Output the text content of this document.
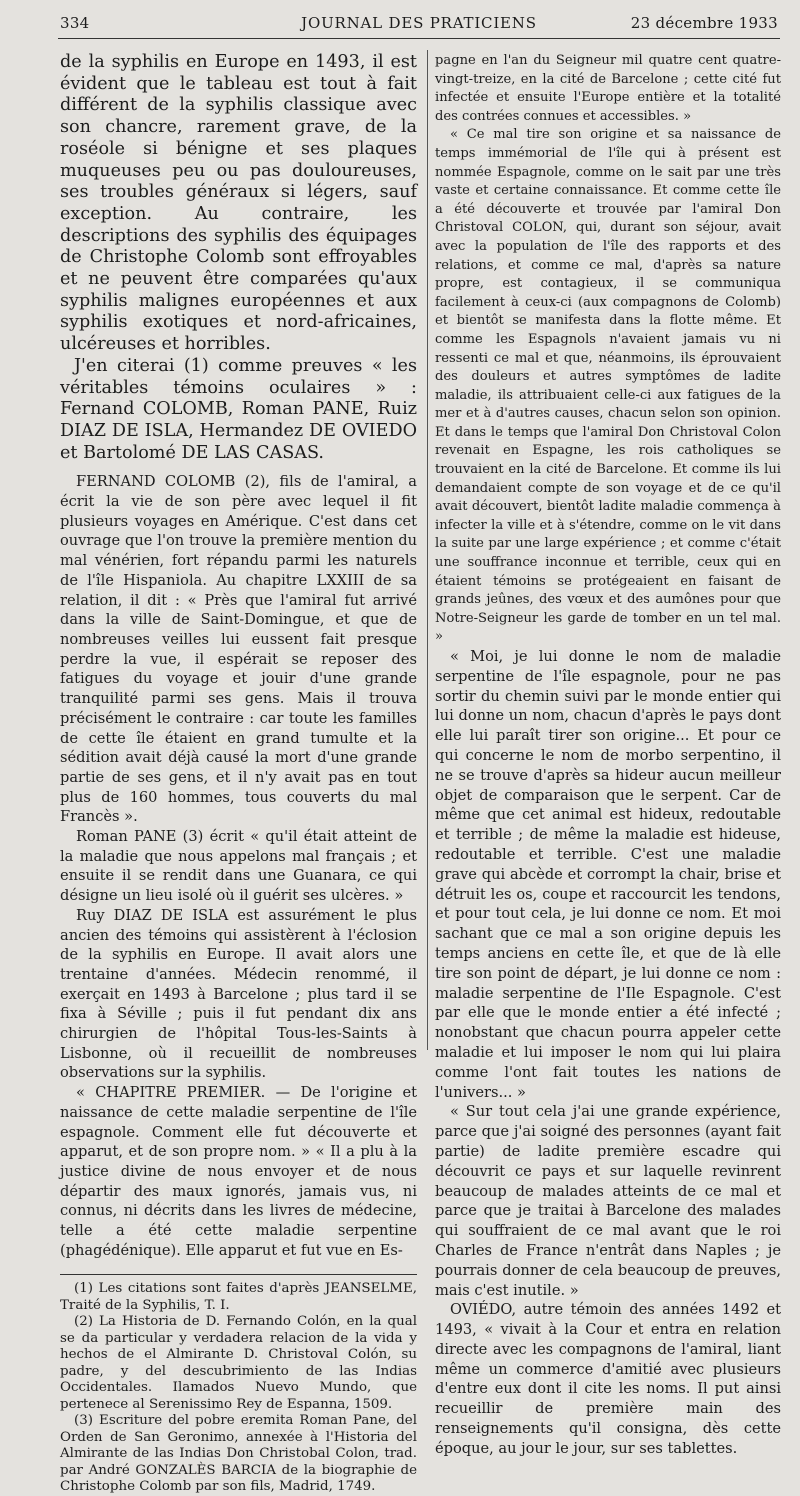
334	JOURNAL DES PRATICIENS	23 décembre 1933

de la syphilis en Europe en 1493, il est évident que le tableau est tout à fait différent de la syphilis classique avec son chancre, rarement grave, de la roséole si bénigne et ses plaques muqueuses peu ou pas douloureuses, ses troubles généraux si légers, sauf exception. Au contraire, les descriptions des syphilis des équipages de Christophe Colomb sont effroyables et ne peuvent être comparées qu'aux syphilis malignes européennes et aux syphilis exotiques et nord-africaines, ulcéreuses et horribles.

J'en citerai (1) comme preuves « les véritables témoins oculaires » : Fernand COLOMB, Roman PANE, Ruiz DIAZ DE ISLA, Hermandez DE OVIEDO et Bartolomé DE LAS CASAS.

FERNAND COLOMB (2), fils de l'amiral, a écrit la vie de son père avec lequel il fit plusieurs voyages en Amérique. C'est dans cet ouvrage que l'on trouve la première mention du mal vénérien, fort répandu parmi les naturels de l'île Hispaniola. Au chapitre LXXIII de sa relation, il dit : « Près que l'amiral fut arrivé dans la ville de Saint-Domingue, et que de nombreuses veilles lui eussent fait presque perdre la vue, il espérait se reposer des fatigues du voyage et jouir d'une grande tranquilité parmi ses gens. Mais il trouva précisément le contraire : car toute les familles de cette île étaient en grand tumulte et la sédition avait déjà causé la mort d'une grande partie de ses gens, et il n'y avait pas en tout plus de 160 hommes, tous couverts du mal Francès ».

Roman PANE (3) écrit « qu'il était atteint de la maladie que nous appelons mal français ; et ensuite il se rendit dans une Guanara, ce qui désigne un lieu isolé où il guérit ses ulcères. »

Ruy DIAZ DE ISLA est assurément le plus ancien des témoins qui assistèrent à l'éclosion de la syphilis en Europe. Il avait alors une trentaine d'années. Médecin renommé, il exerçait en 1493 à Barcelone ; plus tard il se fixa à Séville ; puis il fut pendant dix ans chirurgien de l'hôpital Tous-les-Saints à Lisbonne, où il recueillit de nombreuses observations sur la syphilis.

« CHAPITRE PREMIER. — De l'origine et naissance de cette maladie serpentine de l'île espagnole. Comment elle fut découverte et apparut, et de son propre nom. » « Il a plu à la justice divine de nous envoyer et de nous départir des maux ignorés, jamais vus, ni connus, ni décrits dans les livres de médecine, telle a été cette maladie serpentine (phagédénique). Elle apparut et fut vue en Es-

(1) Les citations sont faites d'après JEANSELME, Traité de la Syphilis, T. I.

(2) La Historia de D. Fernando Colón, en la qual se da particular y verdadera relacion de la vida y hechos de el Almirante D. Christoval Colón, su padre, y del descubrimiento de las Indias Occidentales. Ilamados Nuevo Mundo, que pertenece al Serenissimo Rey de Espanna, 1509.

(3) Escriture del pobre eremita Roman Pane, del Orden de San Geronimo, annexée à l'Historia del Almirante de las Indias Don Christobal Colon, trad. par André GONZALÈS BARCIA de la biographie de Christophe Colomb par son fils, Madrid, 1749.

pagne en l'an du Seigneur mil quatre cent quatre-vingt-treize, en la cité de Barcelone ; cette cité fut infectée et ensuite l'Europe entière et la totalité des contrées connues et accessibles. »

« Ce mal tire son origine et sa naissance de temps immémorial de l'île qui à présent est nommée Espagnole, comme on le sait par une très vaste et certaine connaissance. Et comme cette île a été découverte et trouvée par l'amiral Don Christoval COLON, qui, durant son séjour, avait avec la population de l'île des rapports et des relations, et comme ce mal, d'après sa nature propre, est contagieux, il se communiqua facilement à ceux-ci (aux compagnons de Colomb) et bientôt se manifesta dans la flotte même. Et comme les Espagnols n'avaient jamais vu ni ressenti ce mal et que, néanmoins, ils éprouvaient des douleurs et autres symptômes de ladite maladie, ils attribuaient celle-ci aux fatigues de la mer et à d'autres causes, chacun selon son opinion. Et dans le temps que l'amiral Don Christoval Colon revenait en Espagne, les rois catholiques se trouvaient en la cité de Barcelone. Et comme ils lui demandaient compte de son voyage et de ce qu'il avait découvert, bientôt ladite maladie commença à infecter la ville et à s'étendre, comme on le vit dans la suite par une large expérience ; et comme c'était une souffrance inconnue et terrible, ceux qui en étaient témoins se protégeaient en faisant de grands jeûnes, des vœux et des aumônes pour que Notre-Seigneur les garde de tomber en un tel mal. »

« Moi, je lui donne le nom de maladie serpentine de l'île espagnole, pour ne pas sortir du chemin suivi par le monde entier qui lui donne un nom, chacun d'après le pays dont elle lui paraît tirer son origine... Et pour ce qui concerne le nom de morbo serpentino, il ne se trouve d'après sa hideur aucun meilleur objet de comparaison que le serpent. Car de même que cet animal est hideux, redoutable et terrible ; de même la maladie est hideuse, redoutable et terrible. C'est une maladie grave qui abcède et corrompt la chair, brise et détruit les os, coupe et raccourcit les tendons, et pour tout cela, je lui donne ce nom. Et moi sachant que ce mal a son origine depuis les temps anciens en cette île, et que de là elle tire son point de départ, je lui donne ce nom : maladie serpentine de l'Ile Espagnole. C'est par elle que le monde entier a été infecté ; nonobstant que chacun pourra appeler cette maladie et lui imposer le nom qui lui plaira comme l'ont fait toutes les nations de l'univers... »

« Sur tout cela j'ai une grande expérience, parce que j'ai soigné des personnes (ayant fait partie) de ladite première escadre qui découvrit ce pays et sur laquelle revinrent beaucoup de malades atteints de ce mal et parce que je traitai à Barcelone des malades qui souffraient de ce mal avant que le roi Charles de France n'entrât dans Naples ; je pourrais donner de cela beaucoup de preuves, mais c'est inutile. »

OVIÉDO, autre témoin des années 1492 et 1493, « vivait à la Cour et entra en relation directe avec les compagnons de l'amiral, liant même un commerce d'amitié avec plusieurs d'entre eux dont il cite les noms. Il put ainsi recueillir de première main des renseignements qu'il consigna, dès cette époque, au jour le jour, sur ses tablettes.
